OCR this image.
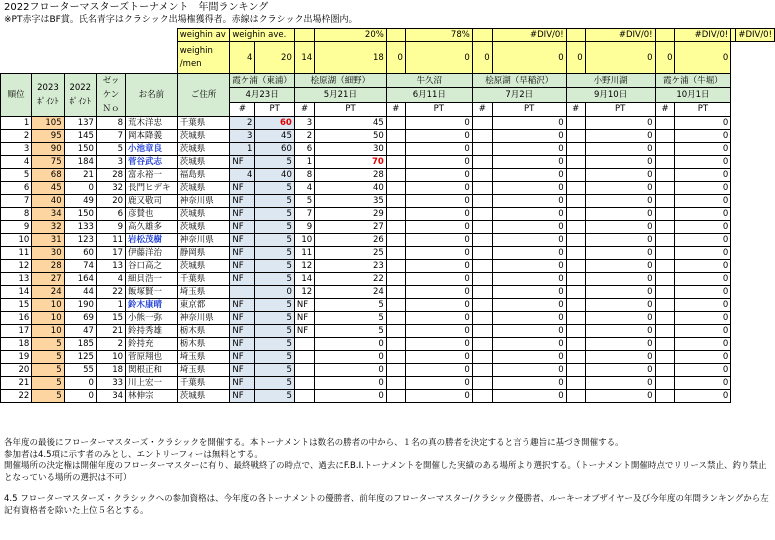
2022フローターマスターズトーナメント　年間ランキング
※PT赤字はBF賞。氏名青字はクラシック出場権獲得者。赤線はクラシック出場枠圏内。
					weighin av	weighin ave.			20%		78%		#DIV/0!		#DIV/0!		#DIV/0!		#DIV/0!
					weighin /men	4	20	14	18	0	0	0	0	0	0	0	0		
順位	2023 ﾎﾟｲﾝﾄ	2022 ﾎﾟｲﾝﾄ	ゼッケン Ｎｏ	お名前	ご住所	霞ケ浦（東浦）		桧原湖（細野）		牛久沼		桧原湖（早稲沢）		小野川湖		霞ケ浦（牛堀）			
						4月23日		5月21日		6月11日		7月2日		9月10日		10月1日			
						#	PT	#	PT	#	PT	#	PT	#	PT	#	PT		
1	105	137	8	荒木洋忠	千葉県	2	60	3	45		0		0		0		0		
2	95	145	7	岡本降義	茨城県	3	45	2	50		0		0		0		0		
3	90	150	5	小池章良	茨城県	1	60	6	30		0		0		0		0		
4	75	184	3	菅谷武志	茨城県	NF	5	1	70		0		0		0		0		
5	68	21	28	富永裕一	福島県	4	40	8	28		0		0		0		0		
6	45	0	32	長門ヒデキ	茨城県	NF	5	4	40		0		0		0		0		
7	40	49	20	鹿又敬司	神奈川県	NF	5	5	35		0		0		0		0		
8	34	150	6	彦賛也	茨城県	NF	5	7	29		0		0		0		0		
9	32	133	9	高久雄多	茨城県	NF	5	9	27		0		0		0		0		
10	31	123	11	岩松茂樹	神奈川県	NF	5	10	26		0		0		0		0		
11	30	60	17	伊藤洋治	静岡県	NF	5	11	25		0		0		0		0		
12	28	74	13	谷口高之	茨城県	NF	5	12	23		0		0		0		0		
13	27	164	4	細貝浩一	千葉県	NF	5	14	22		0		0		0		0		
14	24	44	22	飯塚賢一	埼玉県		0	12	24		0		0		0		0		
15	10	190	1	鈴木康晴	東京都	NF	5	NF	5		0		0		0		0		
16	10	69	15	小熊一弥	神奈川県	NF	5	NF	5		0		0		0		0		
17	10	47	21	鈴持秀雄	栃木県	NF	5	NF	5		0		0		0		0		
18	5	185	2	鈴持充	栃木県	NF	5		0		0		0		0		0		
19	5	125	10	菅原翔也	埼玉県	NF	5		0		0		0		0		0		
20	5	55	18	関根正和	埼玉県	NF	5		0		0		0		0		0		
21	5	0	33	川上宏一	千葉県	NF	5		0		0		0		0		0		
22	5	0	34	林伸宗	茨城県	NF	5		0		0		0		0		0		

各年度の最後にフローターマスターズ・クラシックを開催する。本トーナメントは数名の勝者の中から、１名の真の勝者を決定すると言う趣旨に基づき開催する。

参加者は4.5項に示す者のみとし、エントリーフィーは無料とする。

開催場所の決定権は開催年度のフローターマスターに有り、最終戦終了の時点で、過去にF.B.I.トーナメントを開催した実績のある場所より選択する。（トーナメント開催時点でリリース禁止、釣り禁止となっている場所の選択は不可）

4.5 フローターマスターズ・クラシックへの参加資格は、今年度の各トーナメントの優勝者、前年度のフローターマスター/クラシック優勝者、ルーキーオブザイヤー及び今年度の年間ランキングから左記有資格者を除いた上位５名とする。
